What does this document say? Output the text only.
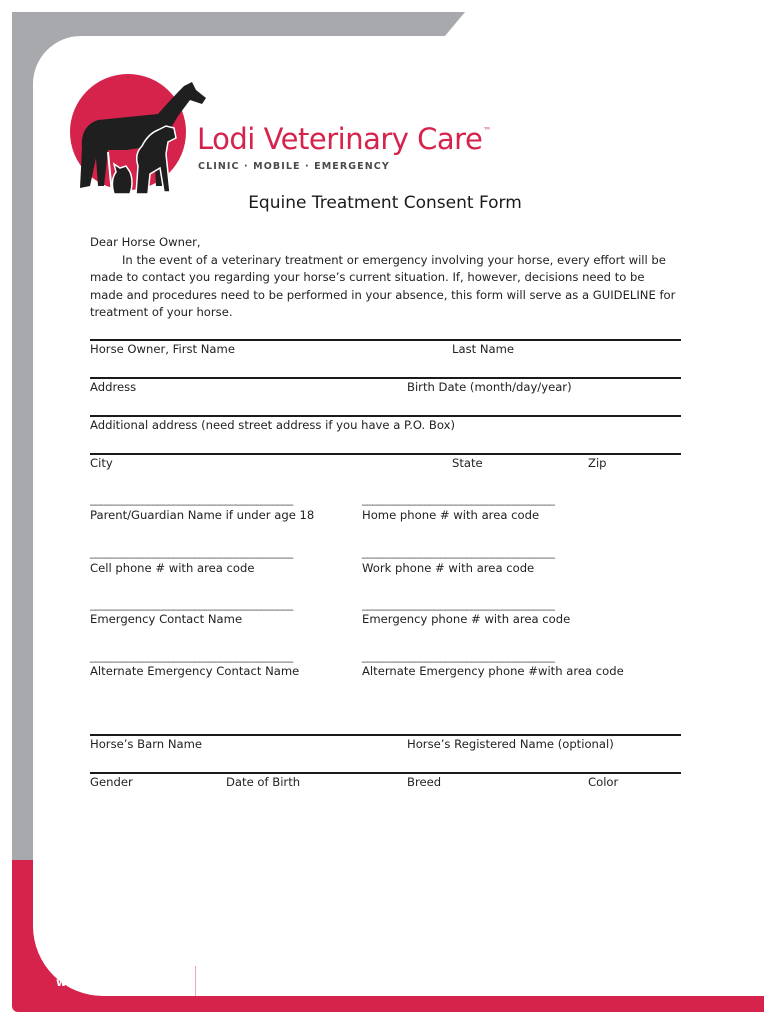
Lodi Veterinary Care™
CLINIC · MOBILE · EMERGENCY
Equine Treatment Consent Form

Dear Horse Owner,

In the event of a veterinary treatment or emergency involving your horse, every effort will be

made to contact you regarding your horse’s current situation. If, however, decisions need to be made and procedures need to be performed in your absence, this form will serve as a GUIDELINE for treatment of your horse.

Horse Owner, First Name	Last Name
Address	Birth Date (month/day/year)
Additional address (need street address if you have a P.O. Box)
City	State	Zip
_______________________________________	_____________________________________
Parent/Guardian Name if under age 18	Home phone # with area code
_______________________________________	_____________________________________
Cell phone # with area code	Work phone # with area code
_______________________________________	_____________________________________
Emergency Contact Name	Emergency phone # with area code
_______________________________________	_____________________________________
Alternate Emergency Contact Name	Alternate Emergency phone #with area code
Horse’s Barn Name	Horse’s Registered Name (optional)
Gender	Date of Birth	Breed	Color
www.lodivet.com	705 North Main Street, Lodi, WI 53555 · p. 608.592.7755 · f. 608.592.5701
